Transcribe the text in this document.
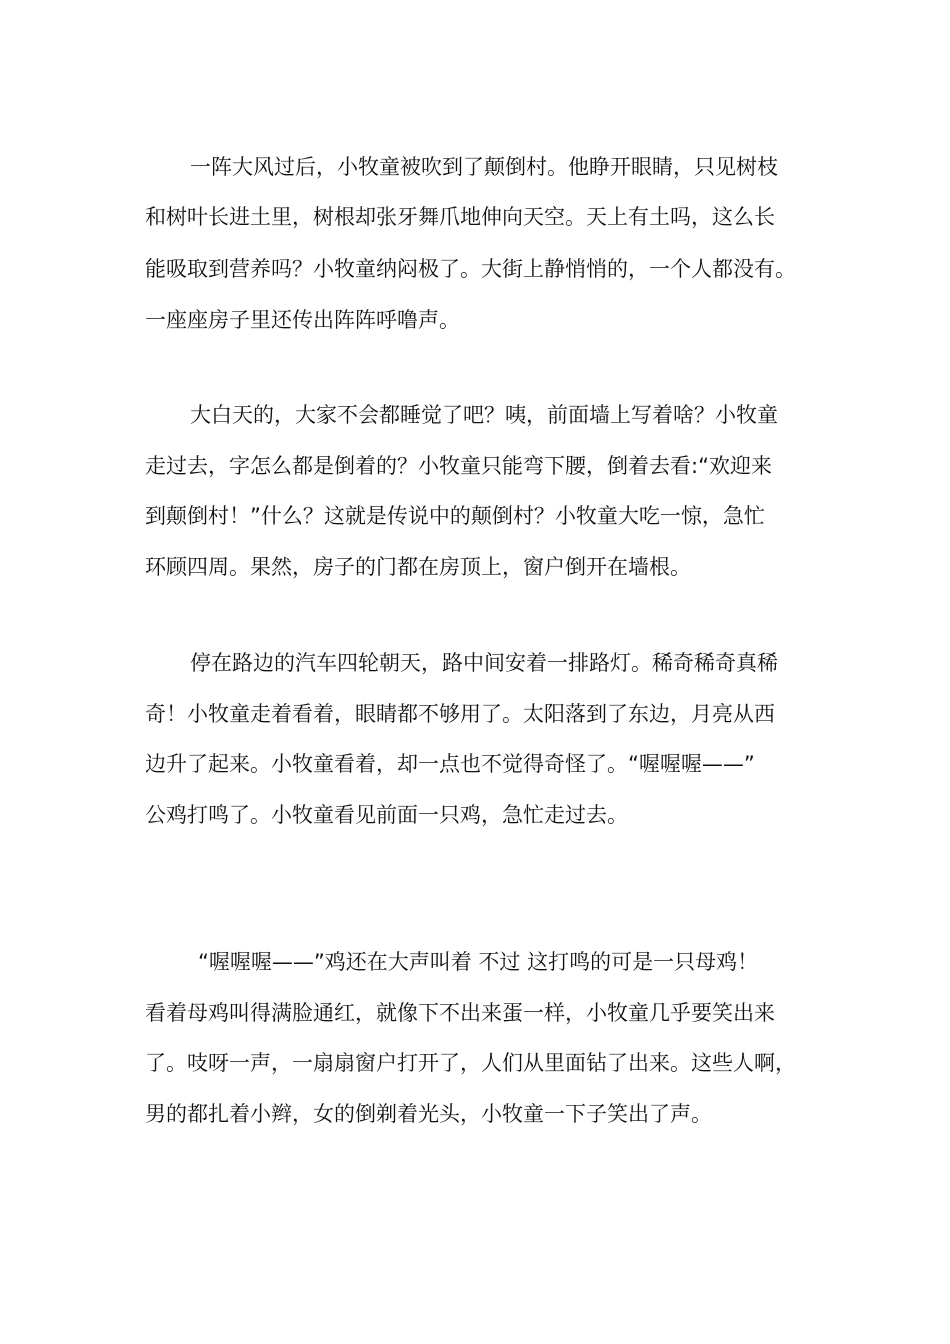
一阵大风过后，小牧童被吹到了颠倒村。他睁开眼睛，只见树枝
和树叶长进土里，树根却张牙舞爪地伸向天空。天上有土吗，这么长
能吸取到营养吗？小牧童纳闷极了。大街上静悄悄的，一个人都没有。
一座座房子里还传出阵阵呼噜声。
大白天的，大家不会都睡觉了吧？咦，前面墙上写着啥？小牧童
走过去，字怎么都是倒着的？小牧童只能弯下腰，倒着去看:“欢迎来
到颠倒村！”什么？这就是传说中的颠倒村？小牧童大吃一惊，急忙
环顾四周。果然，房子的门都在房顶上，窗户倒开在墙根。
停在路边的汽车四轮朝天，路中间安着一排路灯。稀奇稀奇真稀
奇！小牧童走着看着，眼睛都不够用了。太阳落到了东边，月亮从西
边升了起来。小牧童看着，却一点也不觉得奇怪了。“喔喔喔——”
公鸡打鸣了。小牧童看见前面一只鸡，急忙走过去。
“喔喔喔——”鸡还在大声叫着 不过 这打鸣的可是一只母鸡！
看着母鸡叫得满脸通红，就像下不出来蛋一样，小牧童几乎要笑出来
了。吱呀一声，一扇扇窗户打开了，人们从里面钻了出来。这些人啊，
男的都扎着小辫，女的倒剃着光头，小牧童一下子笑出了声。
